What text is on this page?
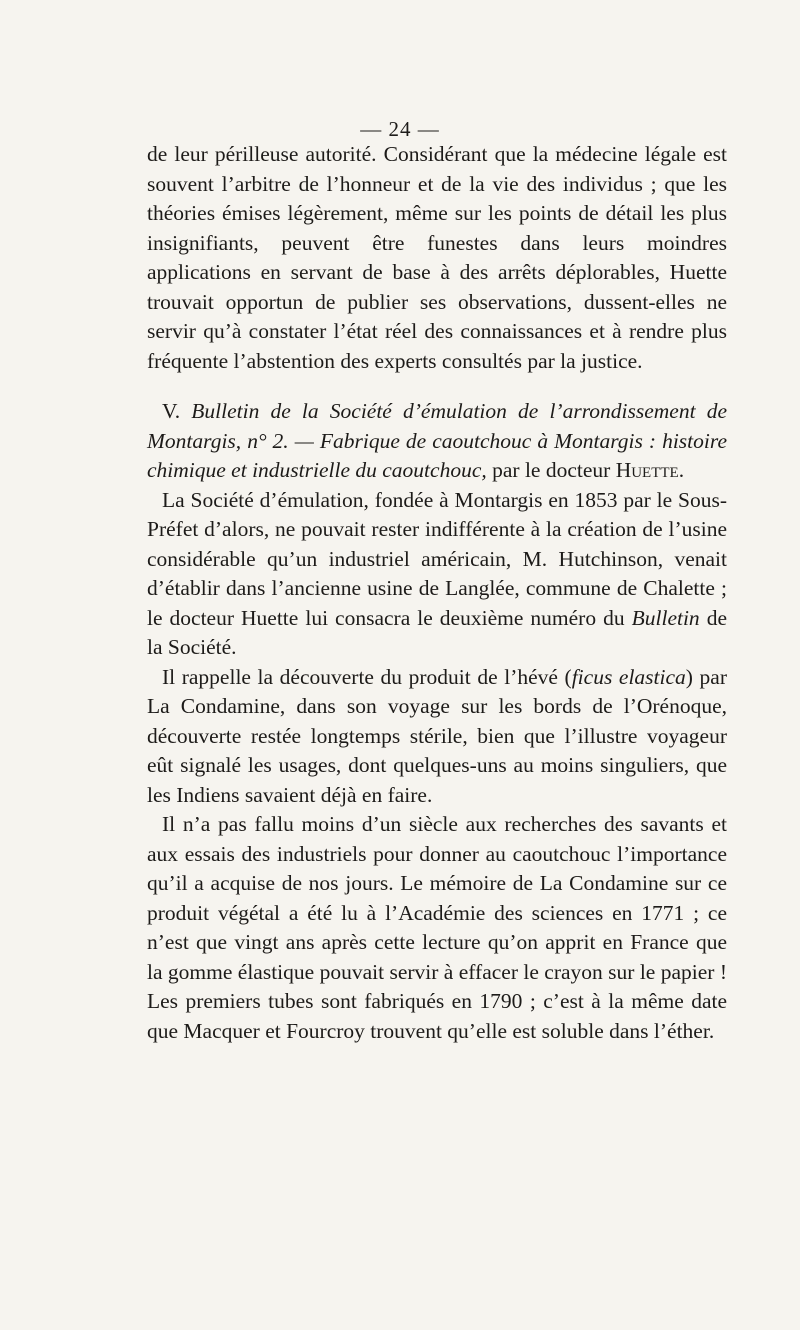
— 24 —

de leur périlleuse autorité. Considérant que la médecine légale est souvent l’arbitre de l’honneur et de la vie des individus ; que les théories émises légèrement, même sur les points de détail les plus insignifiants, peuvent être funestes dans leurs moindres applications en servant de base à des arrêts déplorables, Huette trouvait opportun de publier ses observations, dussent-elles ne servir qu’à constater l’état réel des connaissances et à rendre plus fréquente l’abstention des experts consultés par la justice.

V. Bulletin de la Société d’émulation de l’arrondissement de Montargis, n° 2. — Fabrique de caoutchouc à Montargis : histoire chimique et industrielle du caoutchouc, par le docteur Huette.

La Société d’émulation, fondée à Montargis en 1853 par le Sous-Préfet d’alors, ne pouvait rester indifférente à la création de l’usine considérable qu’un industriel américain, M. Hutchinson, venait d’établir dans l’ancienne usine de Langlée, commune de Chalette ; le docteur Huette lui consacra le deuxième numéro du Bulletin de la Société.

Il rappelle la découverte du produit de l’hévé (ficus elastica) par La Condamine, dans son voyage sur les bords de l’Orénoque, découverte restée longtemps stérile, bien que l’illustre voyageur eût signalé les usages, dont quelques-uns au moins singuliers, que les Indiens savaient déjà en faire.

Il n’a pas fallu moins d’un siècle aux recherches des savants et aux essais des industriels pour donner au caoutchouc l’importance qu’il a acquise de nos jours. Le mémoire de La Condamine sur ce produit végétal a été lu à l’Académie des sciences en 1771 ; ce n’est que vingt ans après cette lecture qu’on apprit en France que la gomme élastique pouvait servir à effacer le crayon sur le papier ! Les premiers tubes sont fabriqués en 1790 ; c’est à la même date que Macquer et Fourcroy trouvent qu’elle est soluble dans l’éther.
